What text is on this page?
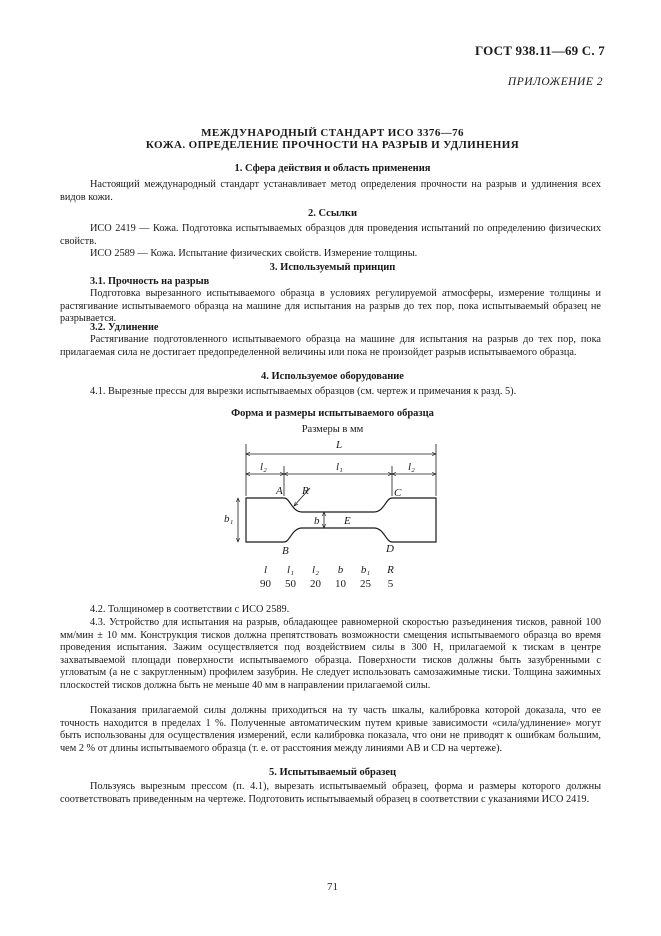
ГОСТ 938.11—69 С. 7
ПРИЛОЖЕНИЕ 2
МЕЖДУНАРОДНЫЙ СТАНДАРТ ИСО 3376—76
КОЖА. ОПРЕДЕЛЕНИЕ ПРОЧНОСТИ НА РАЗРЫВ И УДЛИНЕНИЯ
1. Сфера действия и область применения
Настоящий международный стандарт устанавливает метод определения прочности на разрыв и удлинения всех видов кожи.
2. Ссылки
ИСО 2419 — Кожа. Подготовка испытываемых образцов для проведения испытаний по определению физических свойств.
ИСО 2589 — Кожа. Испытание физических свойств. Измерение толщины.
3. Используемый принцип
3.1. Прочность на разрыв
Подготовка вырезанного испытываемого образца в условиях регулируемой атмосферы, измерение толщины и растягивание испытываемого образца на машине для испытания на разрыв до тех пор, пока испытываемый образец не разрывается.
3.2. Удлинение
Растягивание подготовленного испытываемого образца на машине для испытания на разрыв до тех пор, пока прилагаемая сила не достигает предопределенной величины или пока не произойдет разрыв испытываемого образца.
4. Используемое оборудование
4.1. Вырезные прессы для вырезки испытываемых образцов (см. чертеж и примечания к разд. 5).
Форма и размеры испытываемого образца
Размеры в мм
L
l₂	l₁	l₂
b₁	b
R
A
B
C
D
E
l	l₁	l₂	b	b₁	R
90	50	20	10	25	5
4.2. Толщиномер в соответствии с ИСО 2589.
4.3. Устройство для испытания на разрыв, обладающее равномерной скоростью разъединения тисков, равной 100 мм/мин ± 10 мм. Конструкция тисков должна препятствовать возможности смещения испытываемого образца во время проведения испытания. Зажим осуществляется под воздействием силы в 300 Н, прилагаемой к тискам в центре захватываемой площади поверхности испытываемого образца. Поверхности тисков должны быть зазубренными с угловатым (а не с закругленным) профилем зазубрин. Не следует использовать самозажимные тиски. Толщина зажимных плоскостей тисков должна быть не меньше 40 мм в направлении прилагаемой силы.
Показания прилагаемой силы должны приходиться на ту часть шкалы, калибровка которой доказала, что ее точность находится в пределах 1 %. Полученные автоматическим путем кривые зависимости «сила/удлинение» могут быть использованы для осуществления измерений, если калибровка показала, что они не приводят к ошибкам большим, чем 2 % от длины испытываемого образца (т. е. от расстояния между линиями AB и CD на чертеже).
5. Испытываемый образец
Пользуясь вырезным прессом (п. 4.1), вырезать испытываемый образец, форма и размеры которого должны соответствовать приведенным на чертеже. Подготовить испытываемый образец в соответствии с указаниями ИСО 2419.
71
